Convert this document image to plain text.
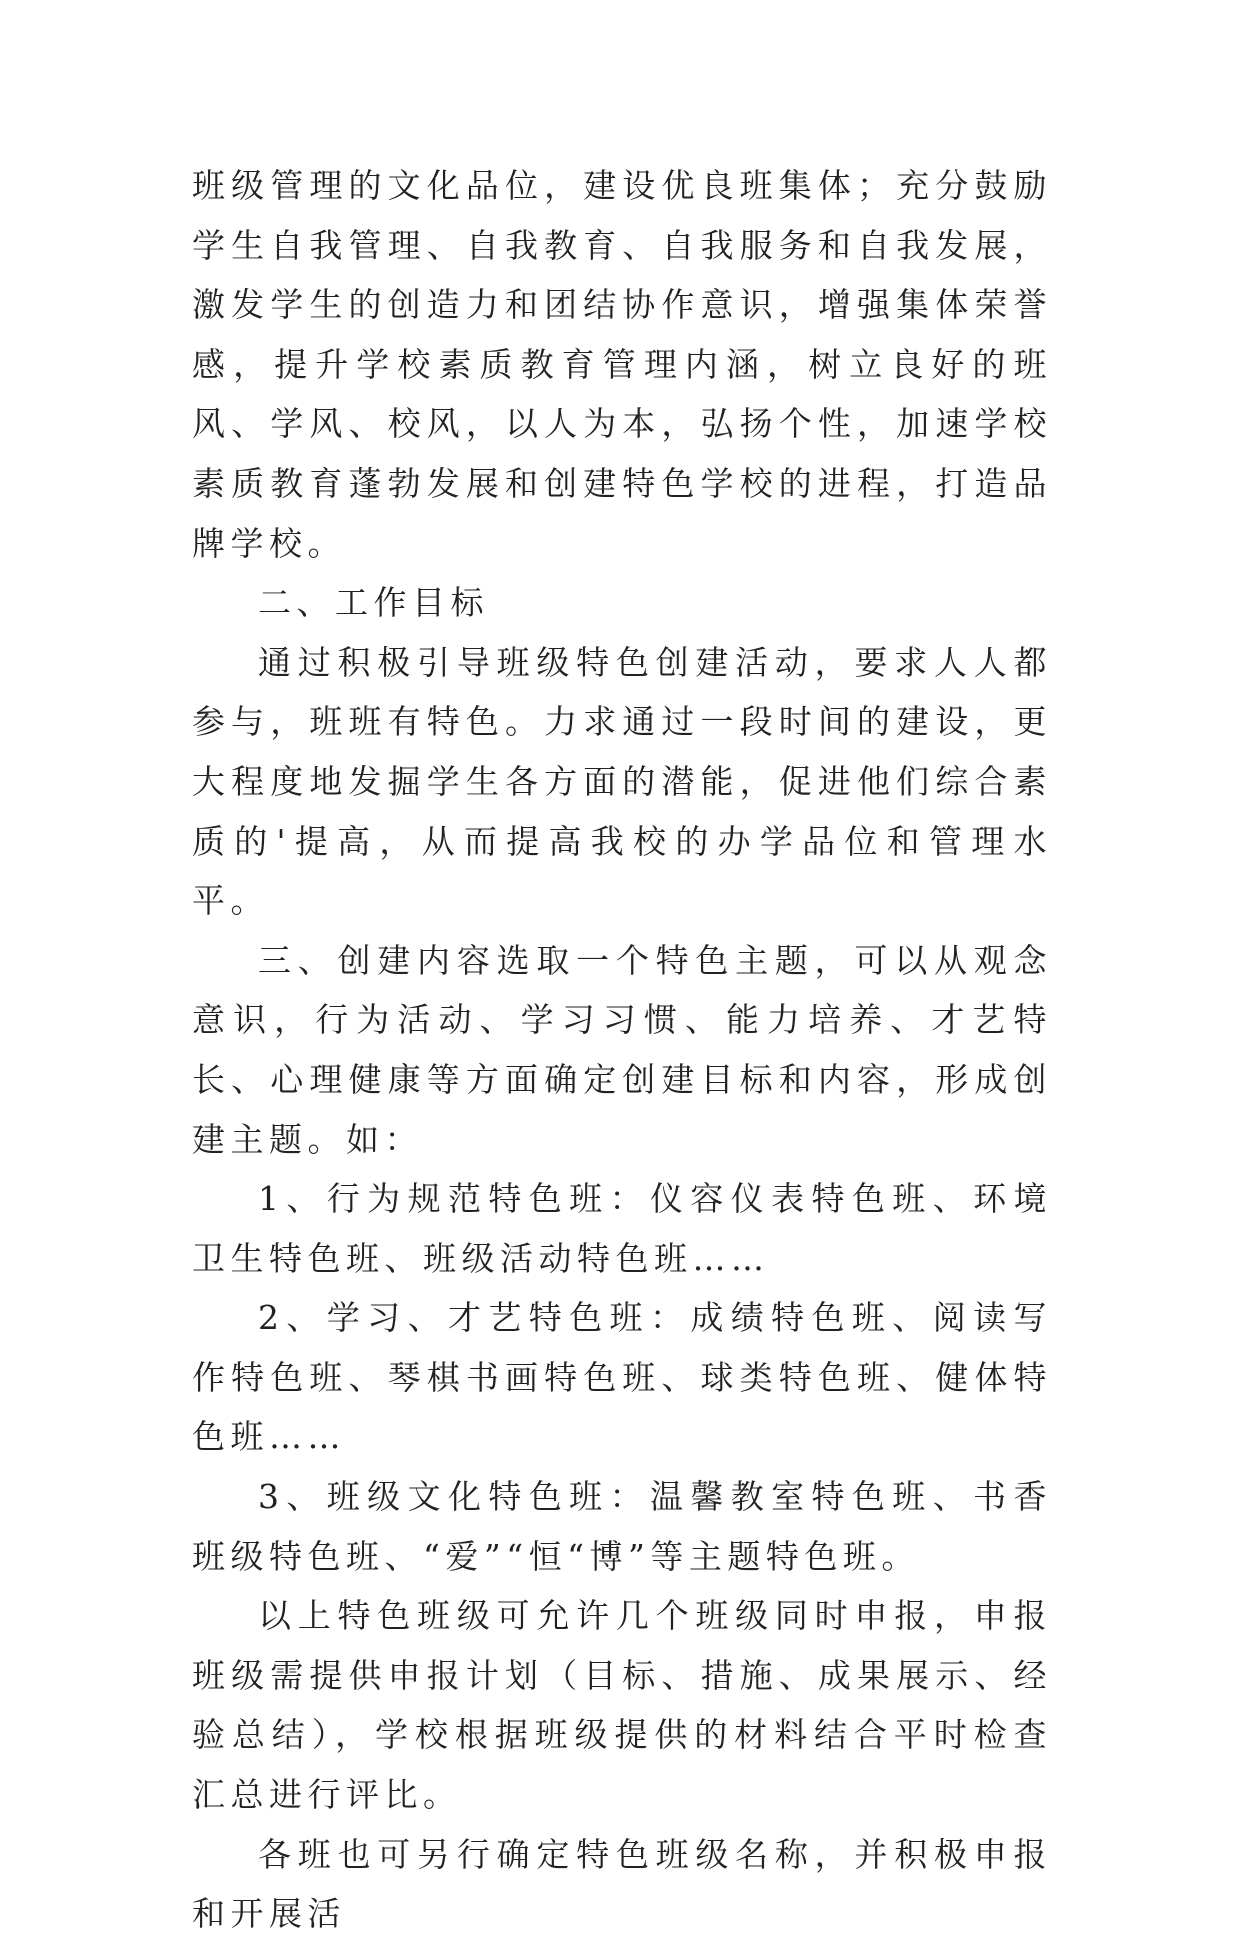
班级管理的文化品位，建设优良班集体；充分鼓励学生自我管理、自我教育、自我服务和自我发展，激发学生的创造力和团结协作意识，增强集体荣誉感，提升学校素质教育管理内涵，树立良好的班风、学风、校风，以人为本，弘扬个性，加速学校素质教育蓬勃发展和创建特色学校的进程，打造品牌学校。

二、工作目标

通过积极引导班级特色创建活动，要求人人都参与，班班有特色。力求通过一段时间的建设，更大程度地发掘学生各方面的潜能，促进他们综合素质的'提高，从而提高我校的办学品位和管理水平。

三、创建内容选取一个特色主题，可以从观念意识，行为活动、学习习惯、能力培养、才艺特长、心理健康等方面确定创建目标和内容，形成创建主题。如：

1、行为规范特色班：仪容仪表特色班、环境卫生特色班、班级活动特色班……

2、学习、才艺特色班：成绩特色班、阅读写作特色班、琴棋书画特色班、球类特色班、健体特色班……

3、班级文化特色班：温馨教室特色班、书香班级特色班、“爱”“恒“博”等主题特色班。

以上特色班级可允许几个班级同时申报，申报班级需提供申报计划（目标、措施、成果展示、经验总结），学校根据班级提供的材料结合平时检查汇总进行评比。

各班也可另行确定特色班级名称，并积极申报和开展活
